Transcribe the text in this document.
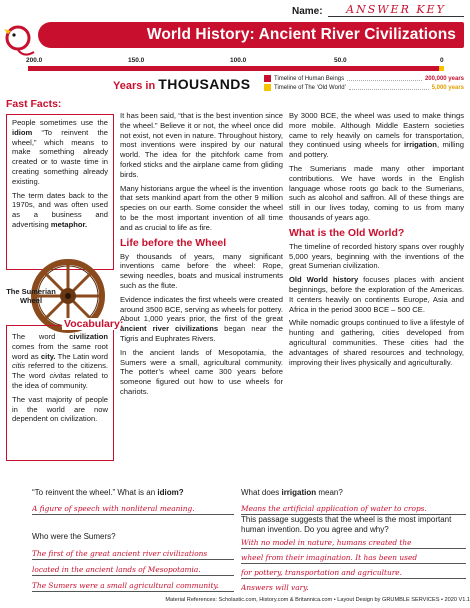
Name:	ANSWER KEY
World History: Ancient River Civilizations
200.0	150.0	100.0	50.0	0
Years in THOUSANDS	Timeline of Human Beings	200,000 years
Timeline of The ‘Old World’	5,000 years
Fast Facts:

People sometimes use the idiom “To reinvent the wheel,” which means to make something already created or to waste time in creating something already existing.

The term dates back to the 1970s, and was often used as a business and advertising metaphor.

The Sumerian Wheel

The word civilization comes from the same root word as city. The Latin word citis referred to the citizens. The word civitas related to the idea of community.

The vast majority of people in the world are now dependent on civilization.

Vocabulary:

It has been said, “that is the best invention since the wheel.” Believe it or not, the wheel once did not exist, not even in nature. Throughout history, most inventions were inspired by our natural world. The idea for the pitchfork came from forked sticks and the airplane came from gliding birds.

Many historians argue the wheel is the invention that sets mankind apart from the other 9 million species on our earth. Some consider the wheel to be the most important invention of all time and as crucial to life as fire.

Life before the Wheel

By thousands of years, many significant inventions came before the wheel: Rope, sewing needles, boats and musical instruments such as the flute.

Evidence indicates the first wheels were created around 3500 BCE, serving as wheels for pottery. About 1,000 years prior, the first of the great ancient river civilizations began near the Tigris and Euphrates Rivers.

In the ancient lands of Mesopotamia, the Sumers were a small, agricultural community. The potter’s wheel came 300 years before someone figured out how to use wheels for chariots.

By 3000 BCE, the wheel was used to make things more mobile. Although Middle Eastern societies came to rely heavily on camels for transportation, they continued using wheels for irrigation, milling and pottery.

The Sumerians made many other important contributions. We have words in the English language whose roots go back to the Sumerians, such as alcohol and saffron. All of these things are still in our lives today, coming to us from many thousands of years ago.

What is the Old World?

The timeline of recorded history spans over roughly 5,000 years, beginning with the inventions of the great Sumerian civilization.

Old World history focuses places with ancient beginnings, before the exploration of the Americas. It centers heavily on continents Europe, Asia and Africa in the period 3000 BCE – 500 CE.

While nomadic groups continued to live a lifestyle of hunting and gathering, cities developed from agricultural communities. These cities had the advantages of shared resources and technology, improving their lives physically and agriculturally.

“To reinvent the wheel.” What is an idiom?
A figure of speech with nonliteral meaning.
What does irrigation mean?
Means the artificial application of water to crops.
Who were the Sumers?
The first of the great ancient river civilizations
located in the ancient lands of Mesopotamia.
The Sumers were a small agricultural community.
This passage suggests that the wheel is the most important human invention. Do you agree and why?
With no model in nature, humans created the
wheel from their imagination. It has been used
for pottery, transportation and agriculture.
Answers will vary.
Material References: Scholastic.com, History.com & Britannica.com • Layout Design by GRUMBLE SERVICES • 2020 V1.1
